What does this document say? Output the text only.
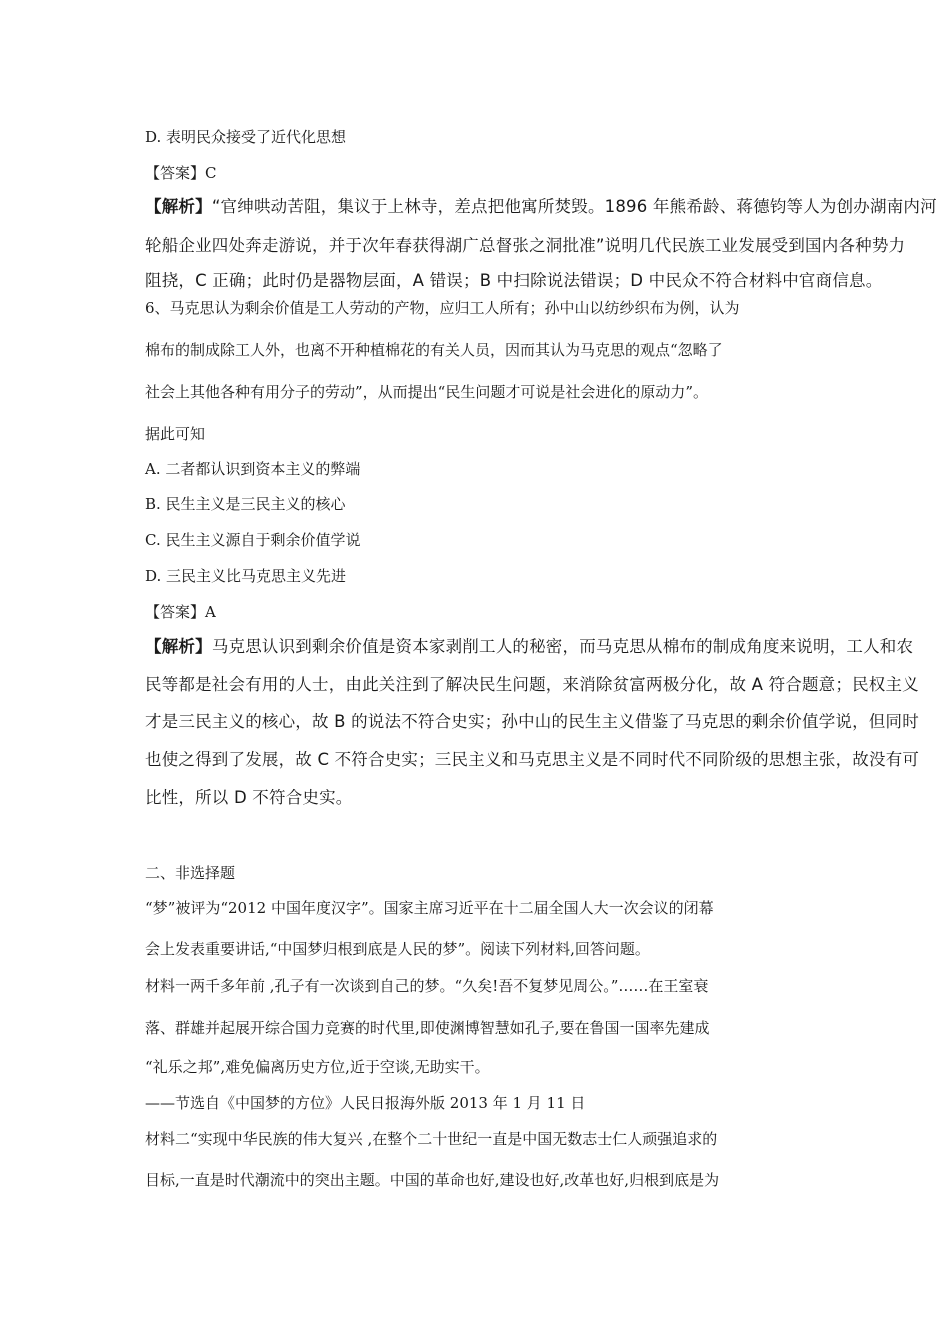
D. 表明民众接受了近代化思想
【答案】C
【解析】“官绅哄动苦阻，集议于上林寺，差点把他寓所焚毁。1896 年熊希龄、蒋德钧等人为创办湖南内河
轮船企业四处奔走游说，并于次年春获得湖广总督张之洞批准”说明几代民族工业发展受到国内各种势力
阻挠，C 正确；此时仍是器物层面，A 错误；B 中扫除说法错误；D 中民众不符合材料中官商信息。
6、马克思认为剩余价值是工人劳动的产物，应归工人所有；孙中山以纺纱织布为例，认为
棉布的制成除工人外，也离不开种植棉花的有关人员，因而其认为马克思的观点“忽略了
社会上其他各种有用分子的劳动”，从而提出“民生问题才可说是社会进化的原动力”。
据此可知
A. 二者都认识到资本主义的弊端
B. 民生主义是三民主义的核心
C. 民生主义源自于剩余价值学说
D. 三民主义比马克思主义先进
【答案】A
【解析】马克思认识到剩余价值是资本家剥削工人的秘密，而马克思从棉布的制成角度来说明，工人和农
民等都是社会有用的人士，由此关注到了解决民生问题，来消除贫富两极分化，故 A 符合题意；民权主义
才是三民主义的核心，故 B 的说法不符合史实；孙中山的民生主义借鉴了马克思的剩余价值学说，但同时
也使之得到了发展，故 C 不符合史实；三民主义和马克思主义是不同时代不同阶级的思想主张，故没有可
比性，所以 D 不符合史实。
二、非选择题
“梦”被评为“2012 中国年度汉字”。国家主席习近平在十二届全国人大一次会议的闭幕
会上发表重要讲话,“中国梦归根到底是人民的梦”。阅读下列材料,回答问题。
材料一两千多年前 ,孔子有一次谈到自己的梦。“久矣!吾不复梦见周公。”……在王室衰
落、群雄并起展开综合国力竞赛的时代里,即使渊博智慧如孔子,要在鲁国一国率先建成
“礼乐之邦”,难免偏离历史方位,近于空谈,无助实干。
——节选自《中国梦的方位》人民日报海外版 2013 年 1 月 11 日
材料二“实现中华民族的伟大复兴 ,在整个二十世纪一直是中国无数志士仁人顽强追求的
目标,一直是时代潮流中的突出主题。中国的革命也好,建设也好,改革也好,归根到底是为
